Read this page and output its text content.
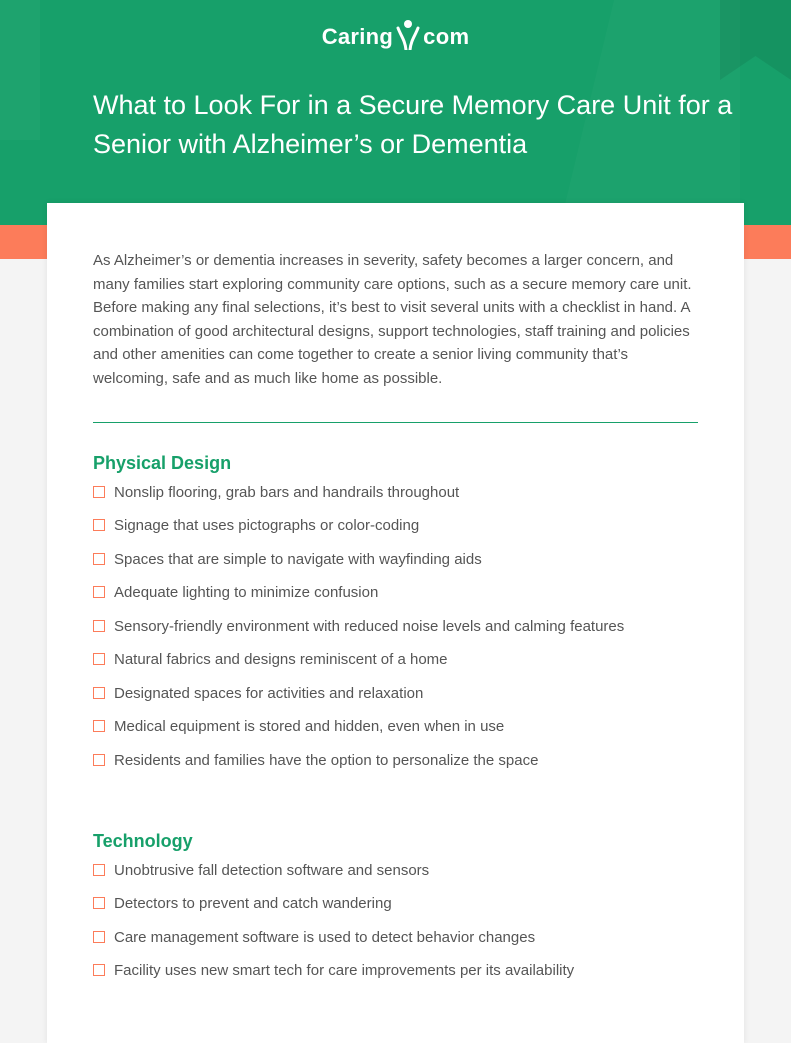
Caring com
What to Look For in a Secure Memory Care Unit for a Senior with Alzheimer’s or Dementia

As Alzheimer’s or dementia increases in severity, safety becomes a larger concern, and many families start exploring community care options, such as a secure memory care unit. Before making any final selections, it’s best to visit several units with a checklist in hand. A combination of good architectural designs, support technologies, staff training and policies and other amenities can come together to create a senior living community that’s welcoming, safe and as much like home as possible.

Physical Design
Nonslip flooring, grab bars and handrails throughout
Signage that uses pictographs or color-coding
Spaces that are simple to navigate with wayfinding aids
Adequate lighting to minimize confusion
Sensory-friendly environment with reduced noise levels and calming features
Natural fabrics and designs reminiscent of a home
Designated spaces for activities and relaxation
Medical equipment is stored and hidden, even when in use
Residents and families have the option to personalize the space
Technology
Unobtrusive fall detection software and sensors
Detectors to prevent and catch wandering
Care management software is used to detect behavior changes
Facility uses new smart tech for care improvements per its availability
